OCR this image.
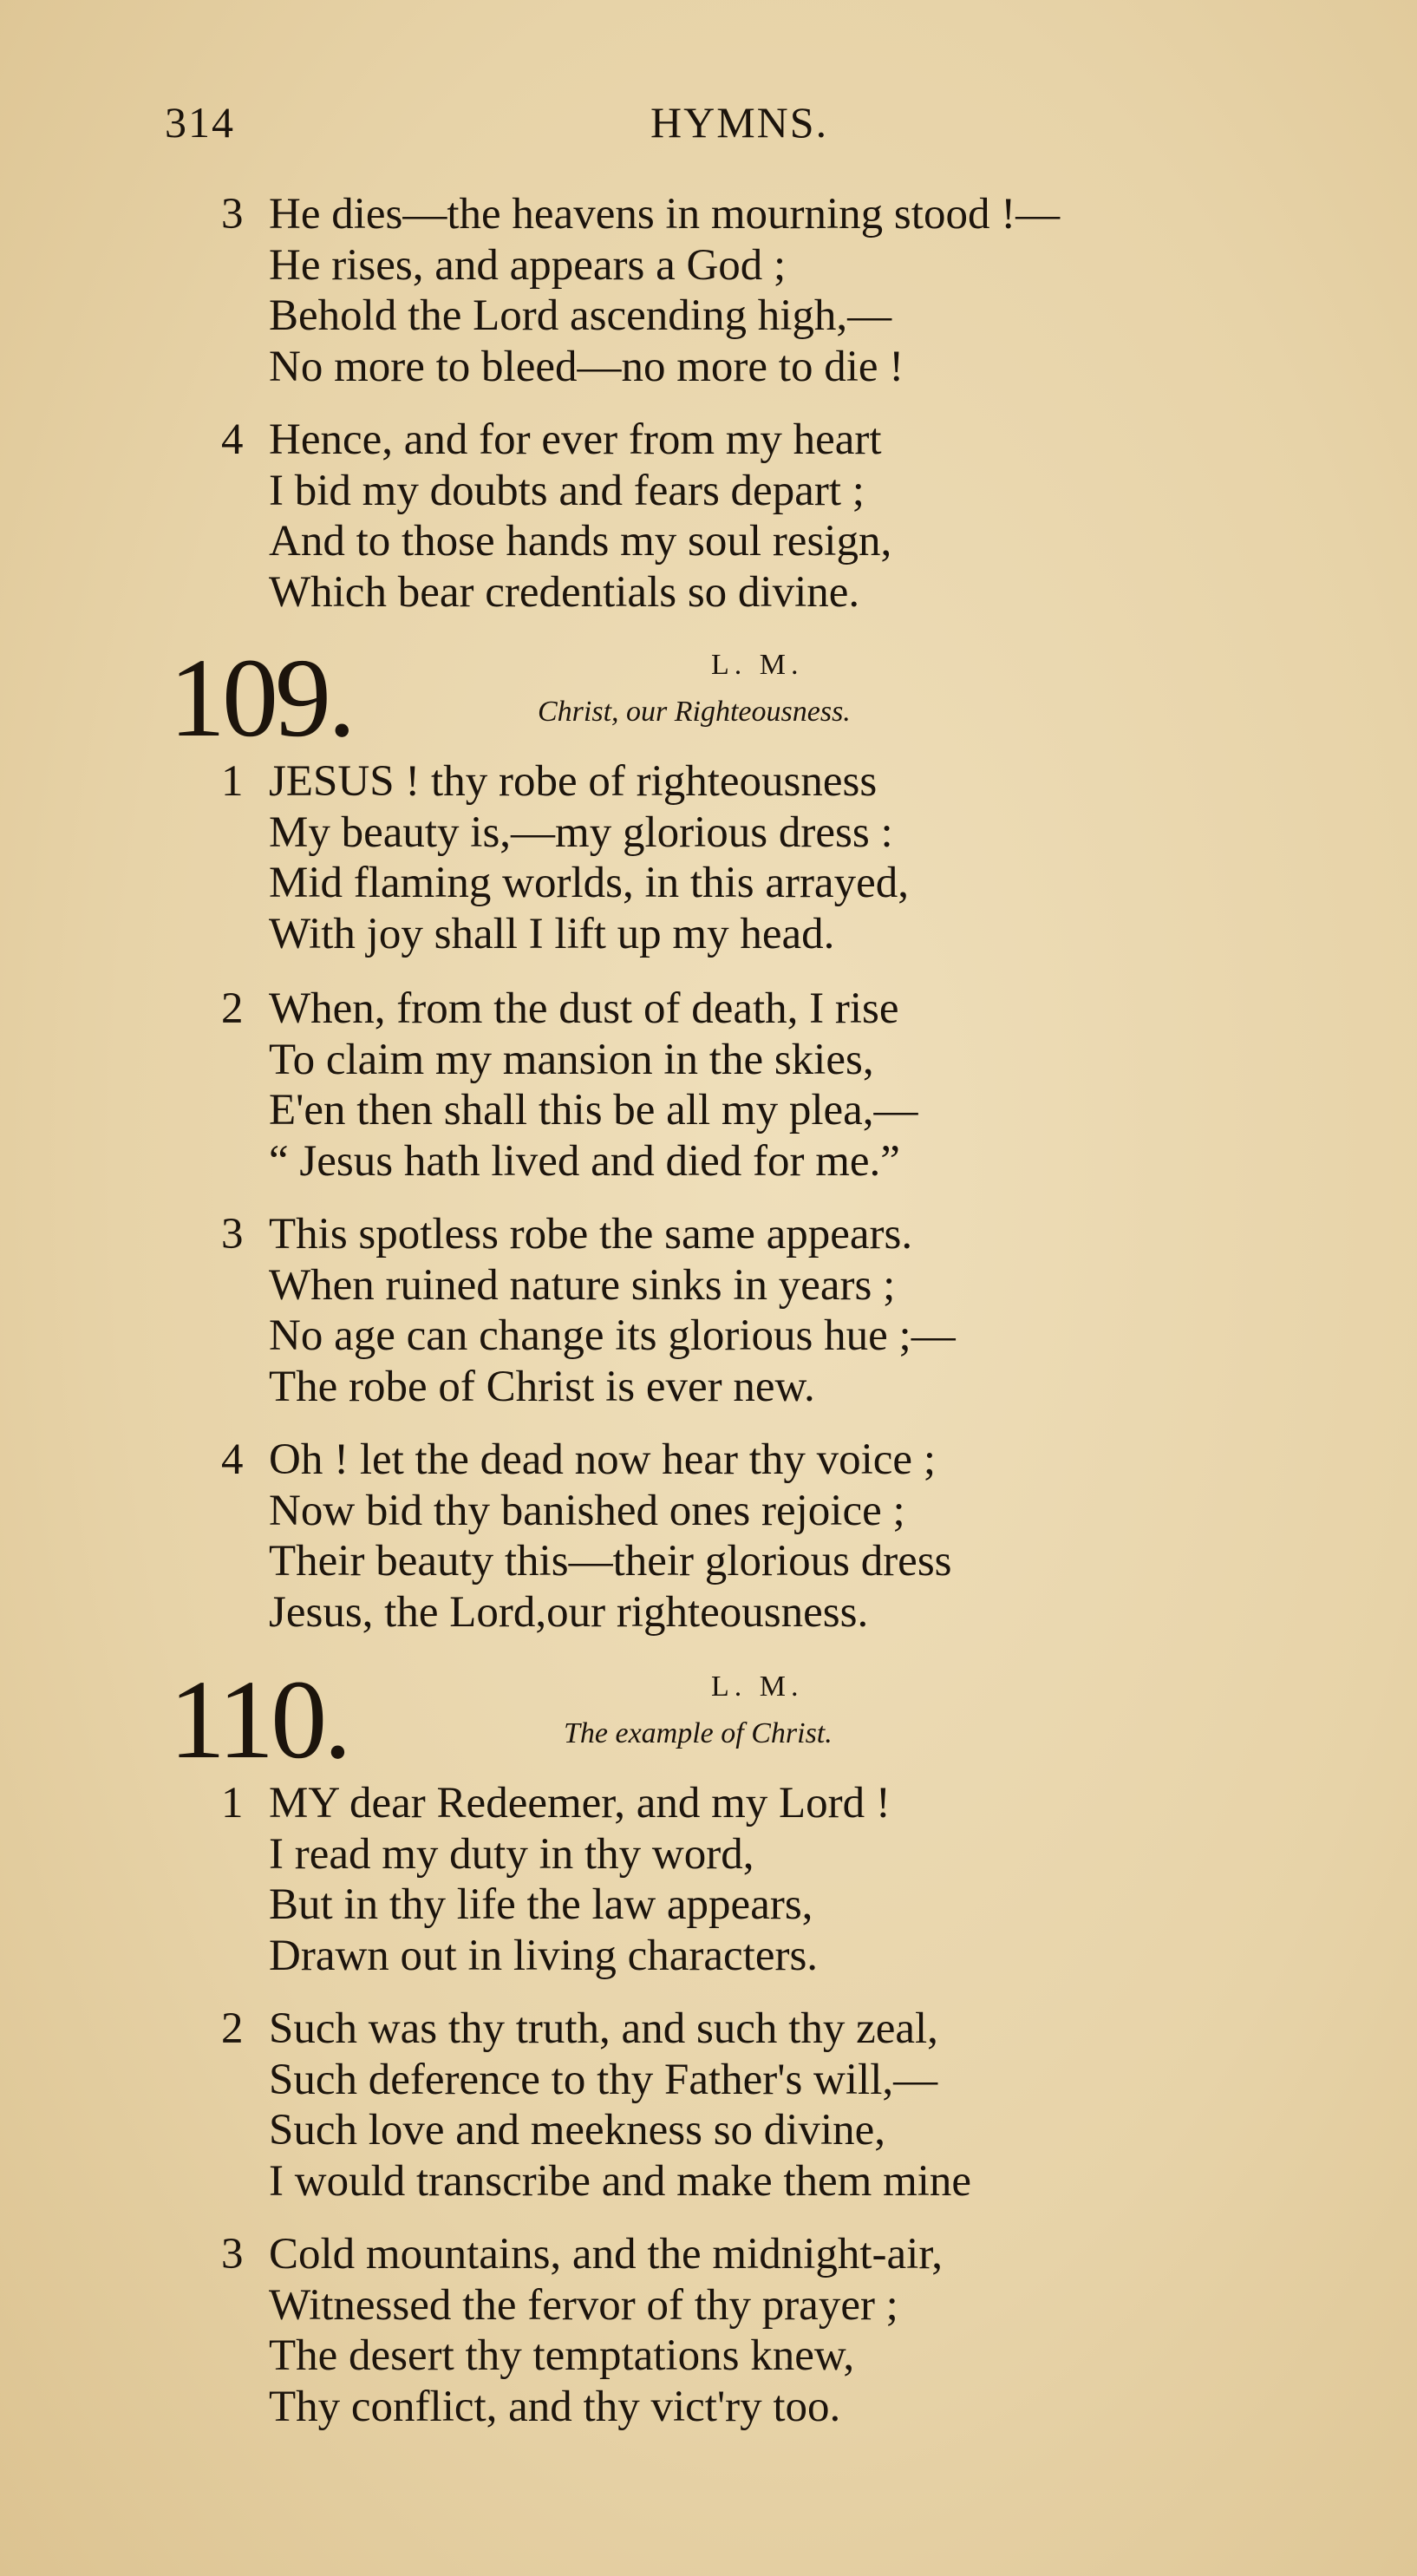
314	HYMNS.
3 He dies—the heavens in mourning stood !—
He rises, and appears a God ;
Behold the Lord ascending high,—
No more to bleed—no more to die !
4 Hence, and for ever from my heart
I bid my doubts and fears depart ;
And to those hands my soul resign,
Which bear credentials so divine.
109.	L. M.
Christ, our Righteousness.
1 JESUS ! thy robe of righteousness
My beauty is,—my glorious dress :
Mid flaming worlds, in this arrayed,
With joy shall I lift up my head.
2 When, from the dust of death, I rise
To claim my mansion in the skies,
E'en then shall this be all my plea,—
“ Jesus hath lived and died for me.”
3 This spotless robe the same appears.
When ruined nature sinks in years ;
No age can change its glorious hue ;—
The robe of Christ is ever new.
4 Oh ! let the dead now hear thy voice ;
Now bid thy banished ones rejoice ;
Their beauty this—their glorious dress
Jesus, the Lord,our righteousness.
110.	L. M.
The example of Christ.
1 MY dear Redeemer, and my Lord !
I read my duty in thy word,
But in thy life the law appears,
Drawn out in living characters.
2 Such was thy truth, and such thy zeal,
Such deference to thy Father's will,—
Such love and meekness so divine,
I would transcribe and make them mine
3 Cold mountains, and the midnight-air,
Witnessed the fervor of thy prayer ;
The desert thy temptations knew,
Thy conflict, and thy vict'ry too.
